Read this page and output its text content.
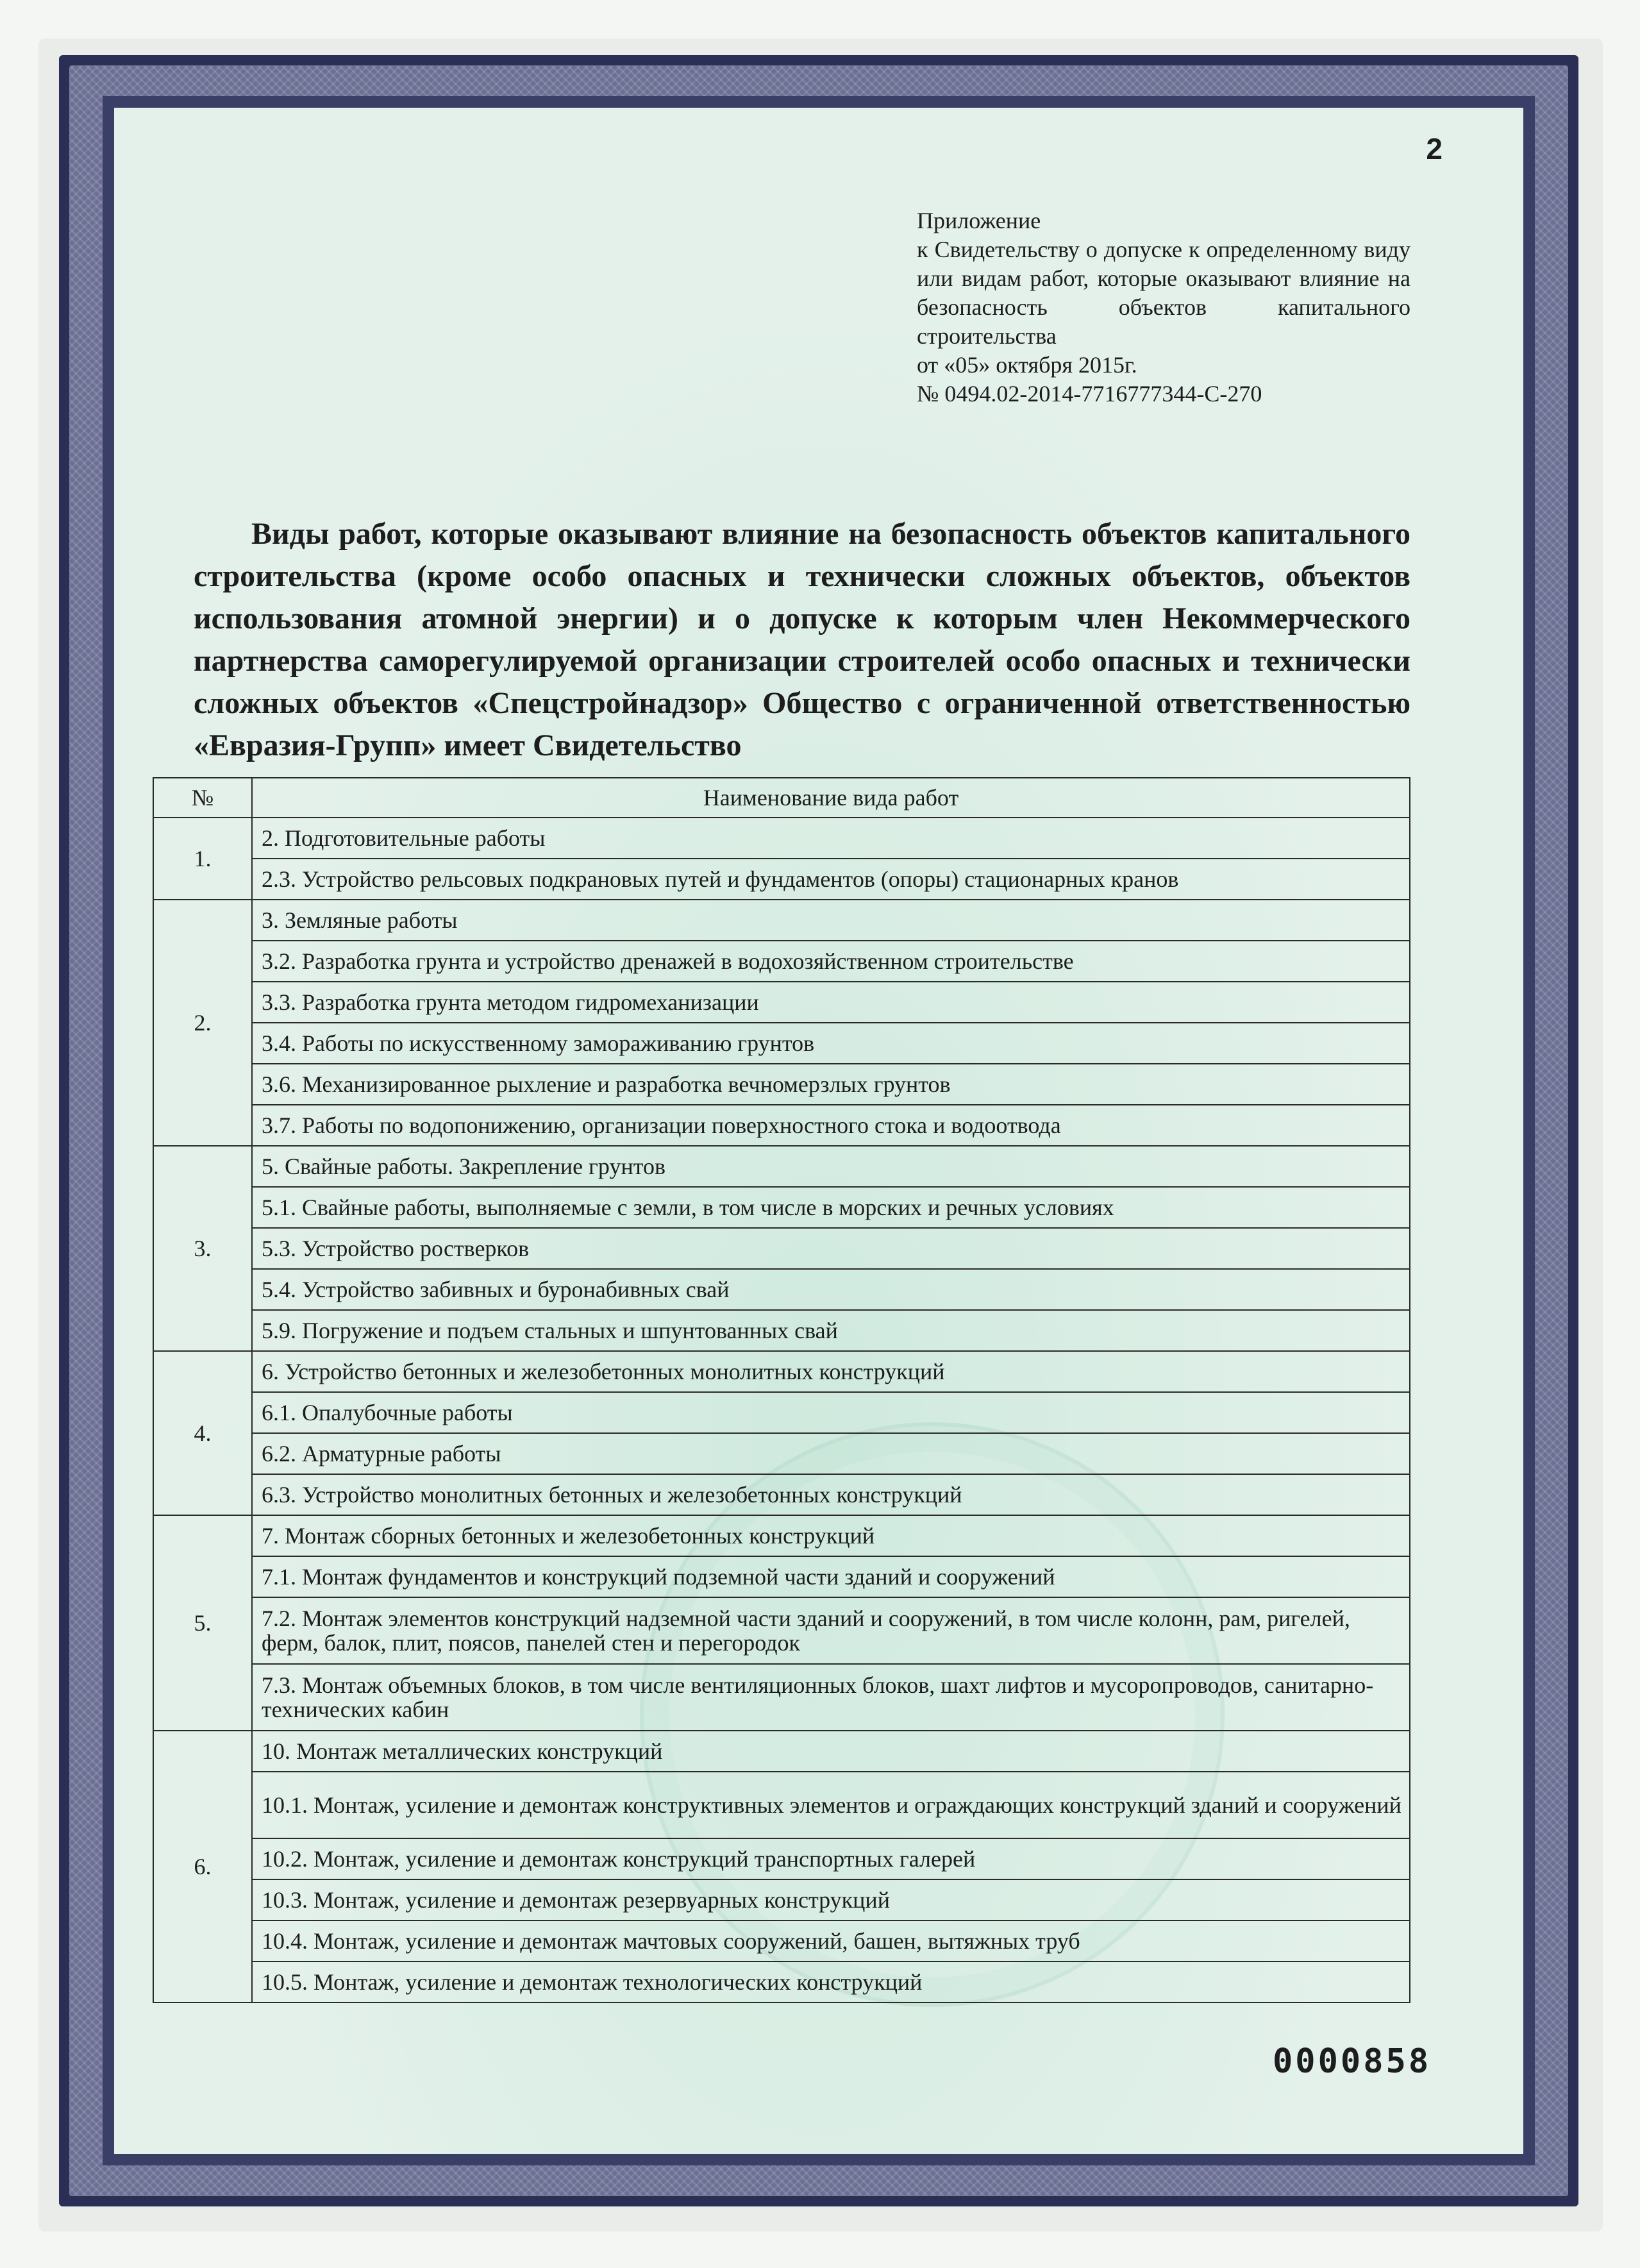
2
Приложение
к Свидетельству о допуске к определенному виду или видам работ, которые оказывают влияние на безопасность объектов капитального строительства
от «05» октября 2015г.
№ 0494.02-2014-7716777344-С-270
Виды работ, которые оказывают влияние на безопасность объектов капитального строительства (кроме особо опасных и технически сложных объектов, объектов использования атомной энергии) и о допуске к которым член Некоммерческого партнерства саморегулируемой организации строителей особо опасных и технически сложных объектов «Спецстройнадзор» Общество с ограниченной ответственностью «Евразия-Групп» имеет Свидетельство
№	Наименование вида работ
1.	2. Подготовительные работы
	2.3. Устройство рельсовых подкрановых путей и фундаментов (опоры) стационарных кранов
2.	3. Земляные работы
	3.2. Разработка грунта и устройство дренажей в водохозяйственном строительстве
	3.3. Разработка грунта методом гидромеханизации
	3.4. Работы по искусственному замораживанию грунтов
	3.6. Механизированное рыхление и разработка вечномерзлых грунтов
	3.7. Работы по водопонижению, организации поверхностного стока и водоотвода
3.	5. Свайные работы. Закрепление грунтов
	5.1. Свайные работы, выполняемые с земли, в том числе в морских и речных условиях
	5.3. Устройство ростверков
	5.4. Устройство забивных и буронабивных свай
	5.9. Погружение и подъем стальных и шпунтованных свай
4.	6. Устройство бетонных и железобетонных монолитных конструкций
	6.1. Опалубочные работы
	6.2. Арматурные работы
	6.3. Устройство монолитных бетонных и железобетонных конструкций
5.	7. Монтаж сборных бетонных и железобетонных конструкций
	7.1. Монтаж фундаментов и конструкций подземной части зданий и сооружений
	7.2. Монтаж элементов конструкций надземной части зданий и сооружений, в том числе колонн, рам, ригелей, ферм, балок, плит, поясов, панелей стен и перегородок
	7.3. Монтаж объемных блоков, в том числе вентиляционных блоков, шахт лифтов и мусоропроводов, санитарно-технических кабин
6.	10. Монтаж металлических конструкций
	10.1. Монтаж, усиление и демонтаж конструктивных элементов и ограждающих конструкций зданий и сооружений
	10.2. Монтаж, усиление и демонтаж конструкций транспортных галерей
	10.3. Монтаж, усиление и демонтаж резервуарных конструкций
	10.4. Монтаж, усиление и демонтаж мачтовых сооружений, башен, вытяжных труб
	10.5. Монтаж, усиление и демонтаж технологических конструкций
0000858
